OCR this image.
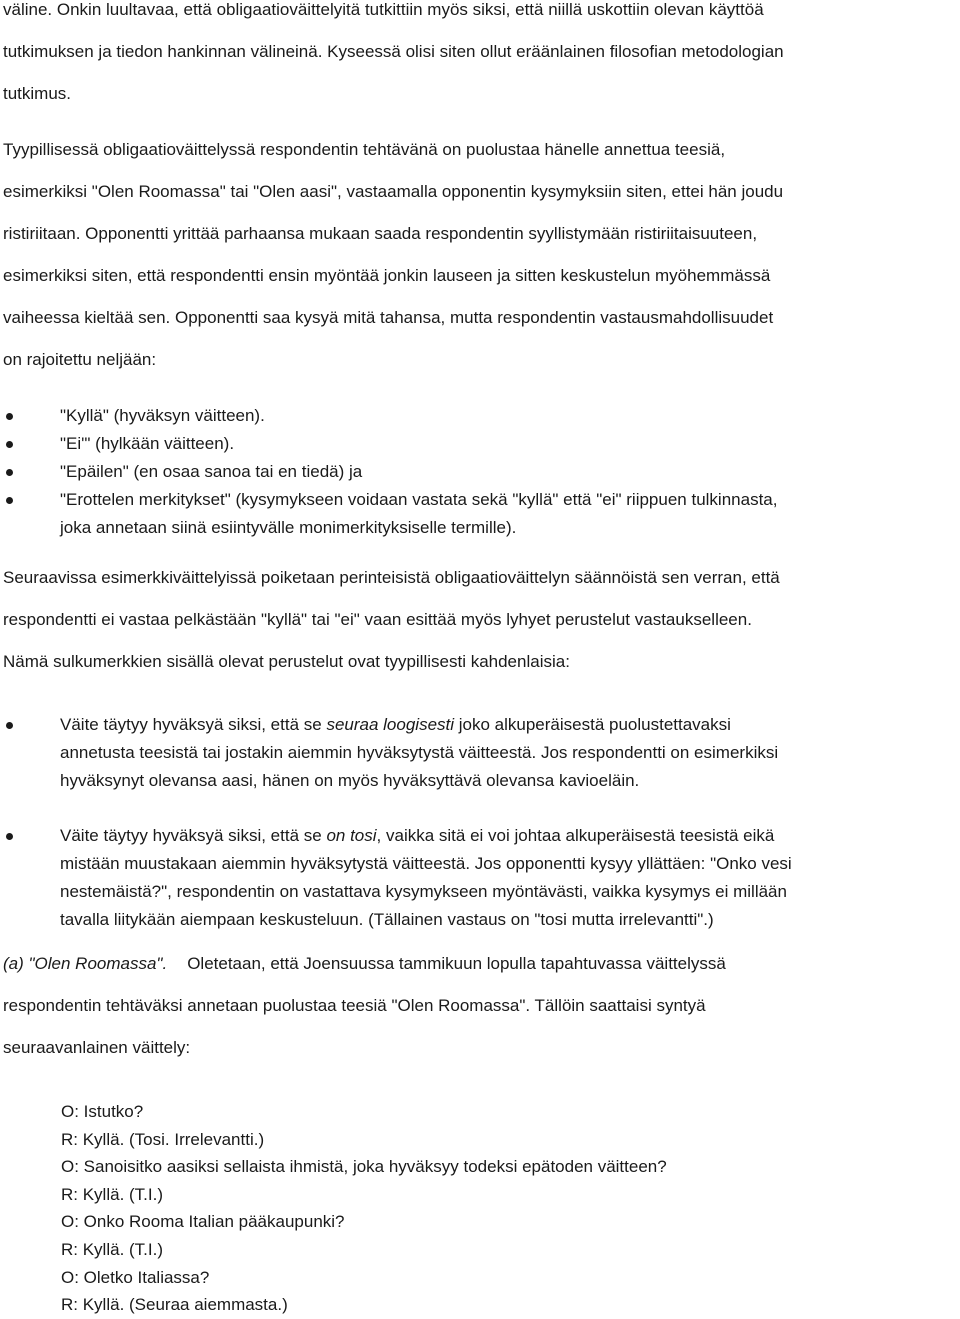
väline. Onkin luultavaa, että obligaatioväittelyitä tutkittiin myös siksi, että niillä uskottiin olevan käyttöä
tutkimuksen ja tiedon hankinnan välineinä. Kyseessä olisi siten ollut eräänlainen filosofian metodologian
tutkimus.
Tyypillisessä obligaatioväittelyssä respondentin tehtävänä on puolustaa hänelle annettua teesiä,
esimerkiksi "Olen Roomassa" tai "Olen aasi", vastaamalla opponentin kysymyksiin siten, ettei hän joudu
ristiriitaan. Opponentti yrittää parhaansa mukaan saada respondentin syyllistymään ristiriitaisuuteen,
esimerkiksi siten, että respondentti ensin myöntää jonkin lauseen ja sitten keskustelun myöhemmässä
vaiheessa kieltää sen. Opponentti saa kysyä mitä tahansa, mutta respondentin vastausmahdollisuudet
on rajoitettu neljään:
"Kyllä" (hyväksyn väitteen).
"Ei'" (hylkään väitteen).
"Epäilen" (en osaa sanoa tai en tiedä) ja
"Erottelen merkitykset" (kysymykseen voidaan vastata sekä "kyllä" että "ei" riippuen tulkinnasta,
joka annetaan siinä esiintyvälle monimerkityksiselle termille).
Seuraavissa esimerkkiväittelyissä poiketaan perinteisistä obligaatioväittelyn säännöistä sen verran, että
respondentti ei vastaa pelkästään "kyllä" tai "ei" vaan esittää myös lyhyet perustelut vastaukselleen.
Nämä sulkumerkkien sisällä olevat perustelut ovat tyypillisesti kahdenlaisia:
Väite täytyy hyväksyä siksi, että se seuraa loogisesti joko alkuperäisestä puolustettavaksi
annetusta teesistä tai jostakin aiemmin hyväksytystä väitteestä. Jos respondentti on esimerkiksi
hyväksynyt olevansa aasi, hänen on myös hyväksyttävä olevansa kavioeläin.
Väite täytyy hyväksyä siksi, että se on tosi, vaikka sitä ei voi johtaa alkuperäisestä teesistä eikä
mistään muustakaan aiemmin hyväksytystä väitteestä. Jos opponentti kysyy yllättäen: "Onko vesi
nestemäistä?", respondentin on vastattava kysymykseen myöntävästi, vaikka kysymys ei millään
tavalla liitykään aiempaan keskusteluun. (Tällainen vastaus on "tosi mutta irrelevantti".)
(a) "Olen Roomassa". Oletetaan, että Joensuussa tammikuun lopulla tapahtuvassa väittelyssä
respondentin tehtäväksi annetaan puolustaa teesiä "Olen Roomassa". Tällöin saattaisi syntyä
seuraavanlainen väittely:
O: Istutko?
R: Kyllä. (Tosi. Irrelevantti.)
O: Sanoisitko aasiksi sellaista ihmistä, joka hyväksyy todeksi epätoden väitteen?
R: Kyllä. (T.I.)
O: Onko Rooma Italian pääkaupunki?
R: Kyllä. (T.I.)
O: Oletko Italiassa?
R: Kyllä. (Seuraa aiemmasta.)
